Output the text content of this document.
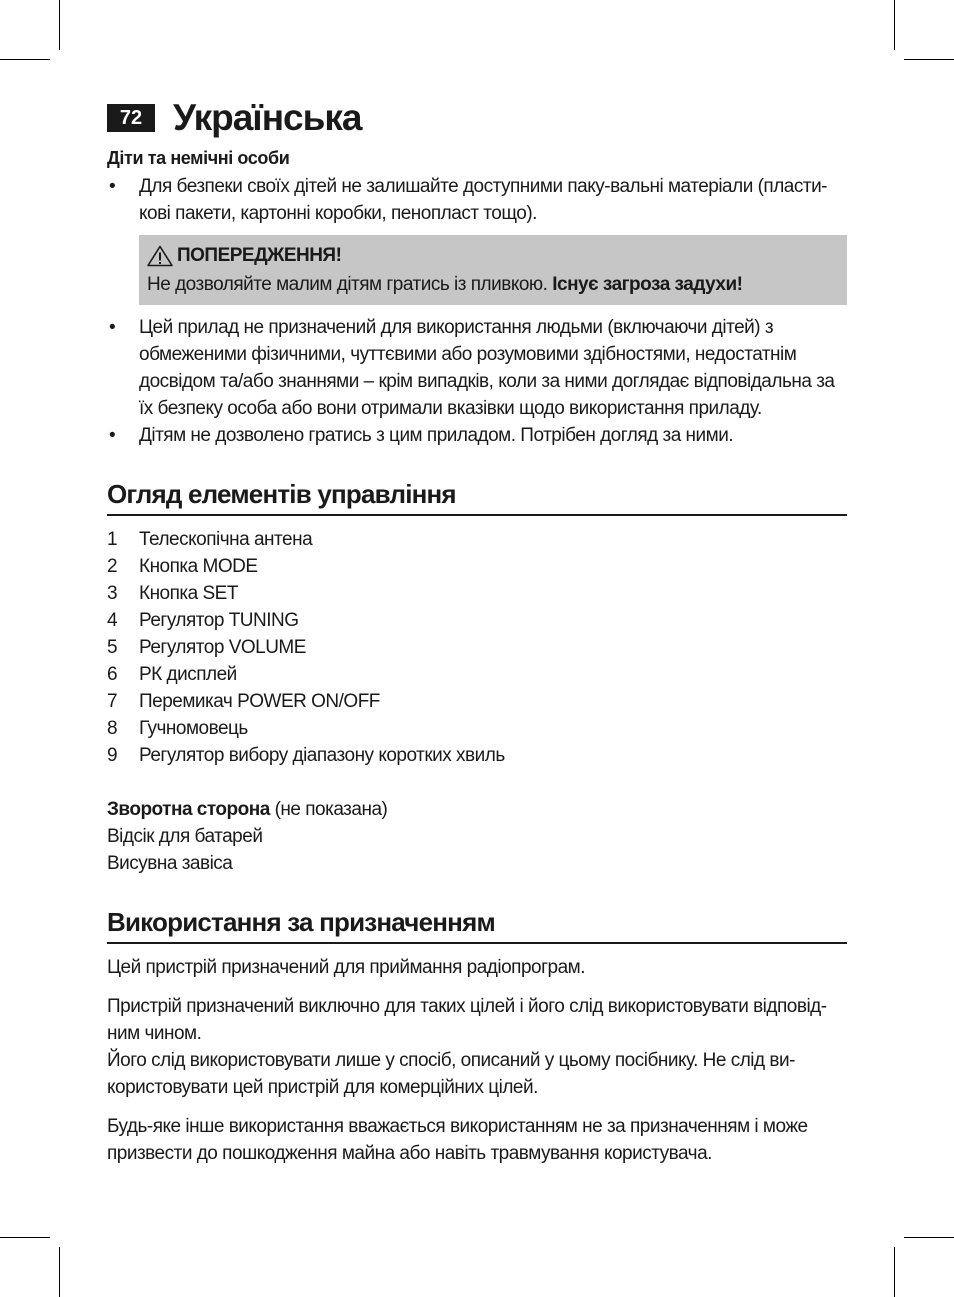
72 Українська
Діти та немічні особи
• Для безпеки своїх дітей не залишайте доступними паку-вальні матеріали (пласти-кові пакети, картонні коробки, пенопласт тощо).
ПОПЕРЕДЖЕННЯ!
Не дозволяйте малим дітям гратись із пливкою. Існує загроза задухи!
• Цей прилад не призначений для використання людьми (включаючи дітей) з обмеженими фізичними, чуттєвими або розумовими здібностями, недостатнім досвідом та/або знаннями – крім випадків, коли за ними доглядає відповідальна за їх безпеку особа або вони отримали вказівки щодо використання приладу.
• Дітям не дозволено гратись з цим приладом. Потрібен догляд за ними.
Огляд елементів управління
1	Телескопічна антена
2	Кнопка MODE
3	Кнопка SET
4	Регулятор TUNING
5	Регулятор VOLUME
6	РК дисплей
7	Перемикач POWER ON/OFF
8	Гучномовець
9	Регулятор вибору діапазону коротких хвиль
Зворотна сторона (не показана)
Відсік для батарей
Висувна завіса
Використання за призначенням

Цей пристрій призначений для приймання радіопрограм.

Пристрій призначений виключно для таких цілей і його слід використовувати відповід-ним чином.

Його слід використовувати лише у спосіб, описаний у цьому посібнику. Не слід ви-користовувати цей пристрій для комерційних цілей.

Будь-яке інше використання вважається використанням не за призначенням і може призвести до пошкодження майна або навіть травмування користувача.
